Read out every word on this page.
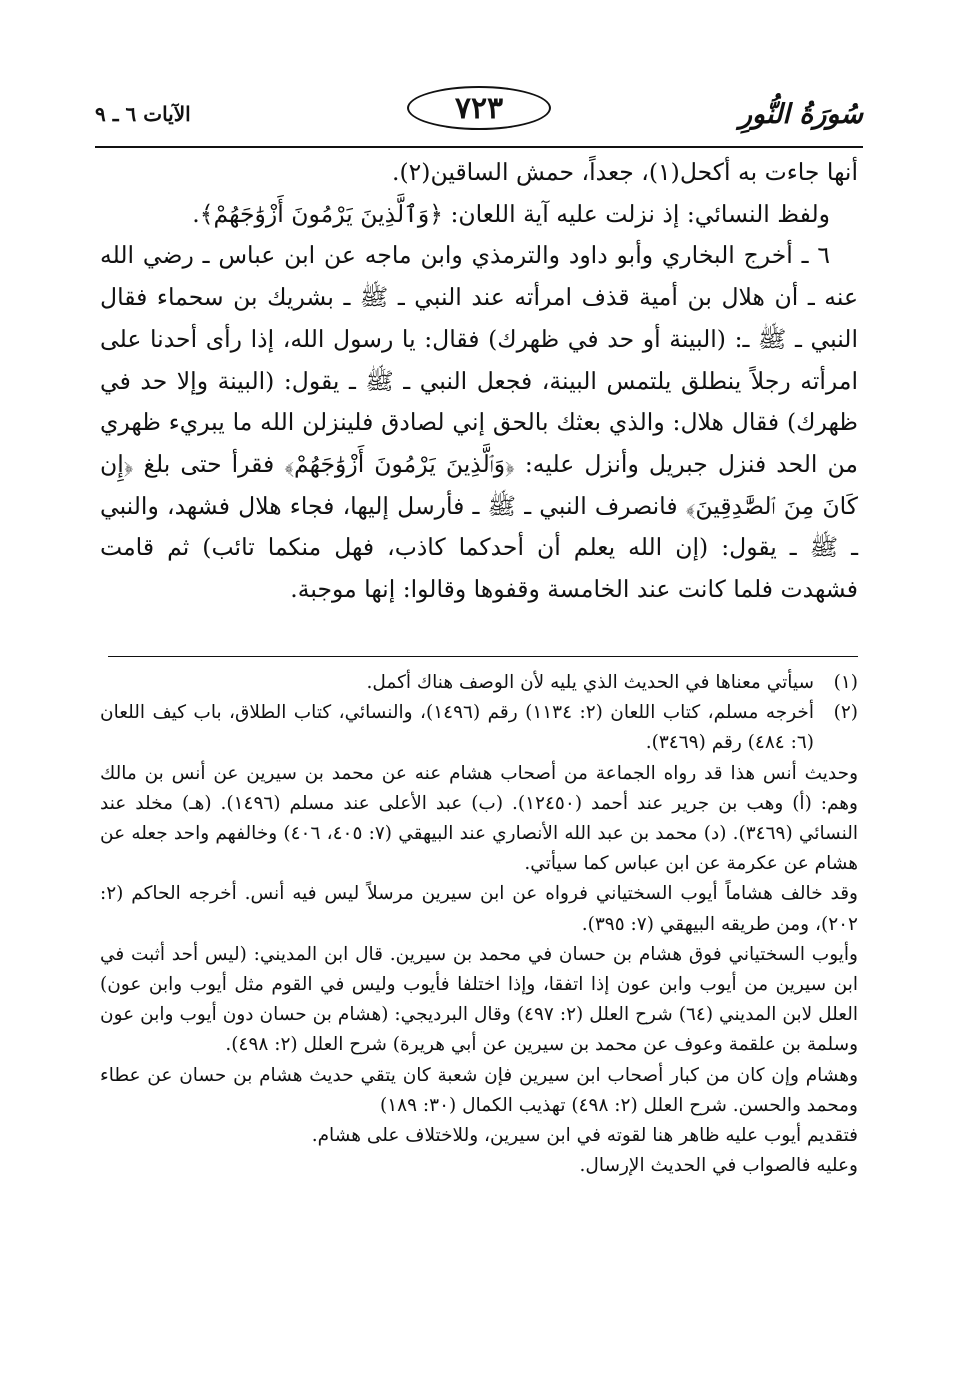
سُورَةُ النُّورِ
٧٢٣
الآيات ٦ ـ ٩

أنها جاءت به أكحل(١)، جعداً، حمش الساقين(٢).

ولفظ النسائي: إذ نزلت عليه آية اللعان: ﴿وَٱلَّذِينَ يَرْمُونَ أَزْوَٰجَهُمْ﴾.

٦ ـ أخرج البخاري وأبو داود والترمذي وابن ماجه عن ابن عباس ـ رضي الله عنه ـ أن هلال بن أمية قذف امرأته عند النبي ـ ﷺ ـ بشريك بن سحماء فقال النبي ـ ﷺ ـ: (البينة أو حد في ظهرك) فقال: يا رسول الله، إذا رأى أحدنا على امرأته رجلاً ينطلق يلتمس البينة، فجعل النبي ـ ﷺ ـ يقول: (البينة وإلا حد في ظهرك) فقال هلال: والذي بعثك بالحق إني لصادق فلينزلن الله ما يبريء ظهري من الحد فنزل جبريل وأنزل عليه: ﴿وَٱلَّذِينَ يَرْمُونَ أَزْوَٰجَهُمْ﴾ فقرأ حتى بلغ ﴿إِن كَانَ مِنَ ٱلصَّٰدِقِينَ﴾ فانصرف النبي ـ ﷺ ـ فأرسل إليها، فجاء هلال فشهد، والنبي ـ ﷺ ـ يقول: (إن الله يعلم أن أحدكما كاذب، فهل منكما تائب) ثم قامت فشهدت فلما كانت عند الخامسة وقفوها وقالوا: إنها موجبة.

(١)
سيأتي معناها في الحديث الذي يليه لأن الوصف هناك أكمل.
(٢)
أخرجه مسلم، كتاب اللعان (٢: ١١٣٤) رقم (١٤٩٦)، والنسائي، كتاب الطلاق، باب كيف اللعان (٦: ٤٨٤) رقم (٣٤٦٩).

وحديث أنس هذا قد رواه الجماعة من أصحاب هشام عنه عن محمد بن سيرين عن أنس بن مالك وهم: (أ) وهب بن جرير عند أحمد (١٢٤٥٠). (ب) عبد الأعلى عند مسلم (١٤٩٦). (هـ) مخلد عند النسائي (٣٤٦٩). (د) محمد بن عبد الله الأنصاري عند البيهقي (٧: ٤٠٥، ٤٠٦) وخالفهم واحد جعله عن هشام عن عكرمة عن ابن عباس كما سيأتي.

وقد خالف هشاماً أيوب السختياني فرواه عن ابن سيرين مرسلاً ليس فيه أنس. أخرجه الحاكم (٢: ٢٠٢)، ومن طريقه البيهقي (٧: ٣٩٥).

وأيوب السختياني فوق هشام بن حسان في محمد بن سيرين. قال ابن المديني: (ليس أحد أثبت في ابن سيرين من أيوب وابن عون إذا اتفقا، وإذا اختلفا فأيوب وليس في القوم مثل أيوب وابن عون) العلل لابن المديني (٦٤) شرح العلل (٢: ٤٩٧) وقال البرديجي: (هشام بن حسان دون أيوب وابن عون وسلمة بن علقمة وعوف عن محمد بن سيرين عن أبي هريرة) شرح العلل (٢: ٤٩٨).

وهشام وإن كان من كبار أصحاب ابن سيرين فإن شعبة كان يتقي حديث هشام بن حسان عن عطاء ومحمد والحسن. شرح العلل (٢: ٤٩٨) تهذيب الكمال (٣٠: ١٨٩)

فتقديم أيوب عليه ظاهر هنا لقوته في ابن سيرين، وللاختلاف على هشام.

وعليه فالصواب في الحديث الإرسال.
